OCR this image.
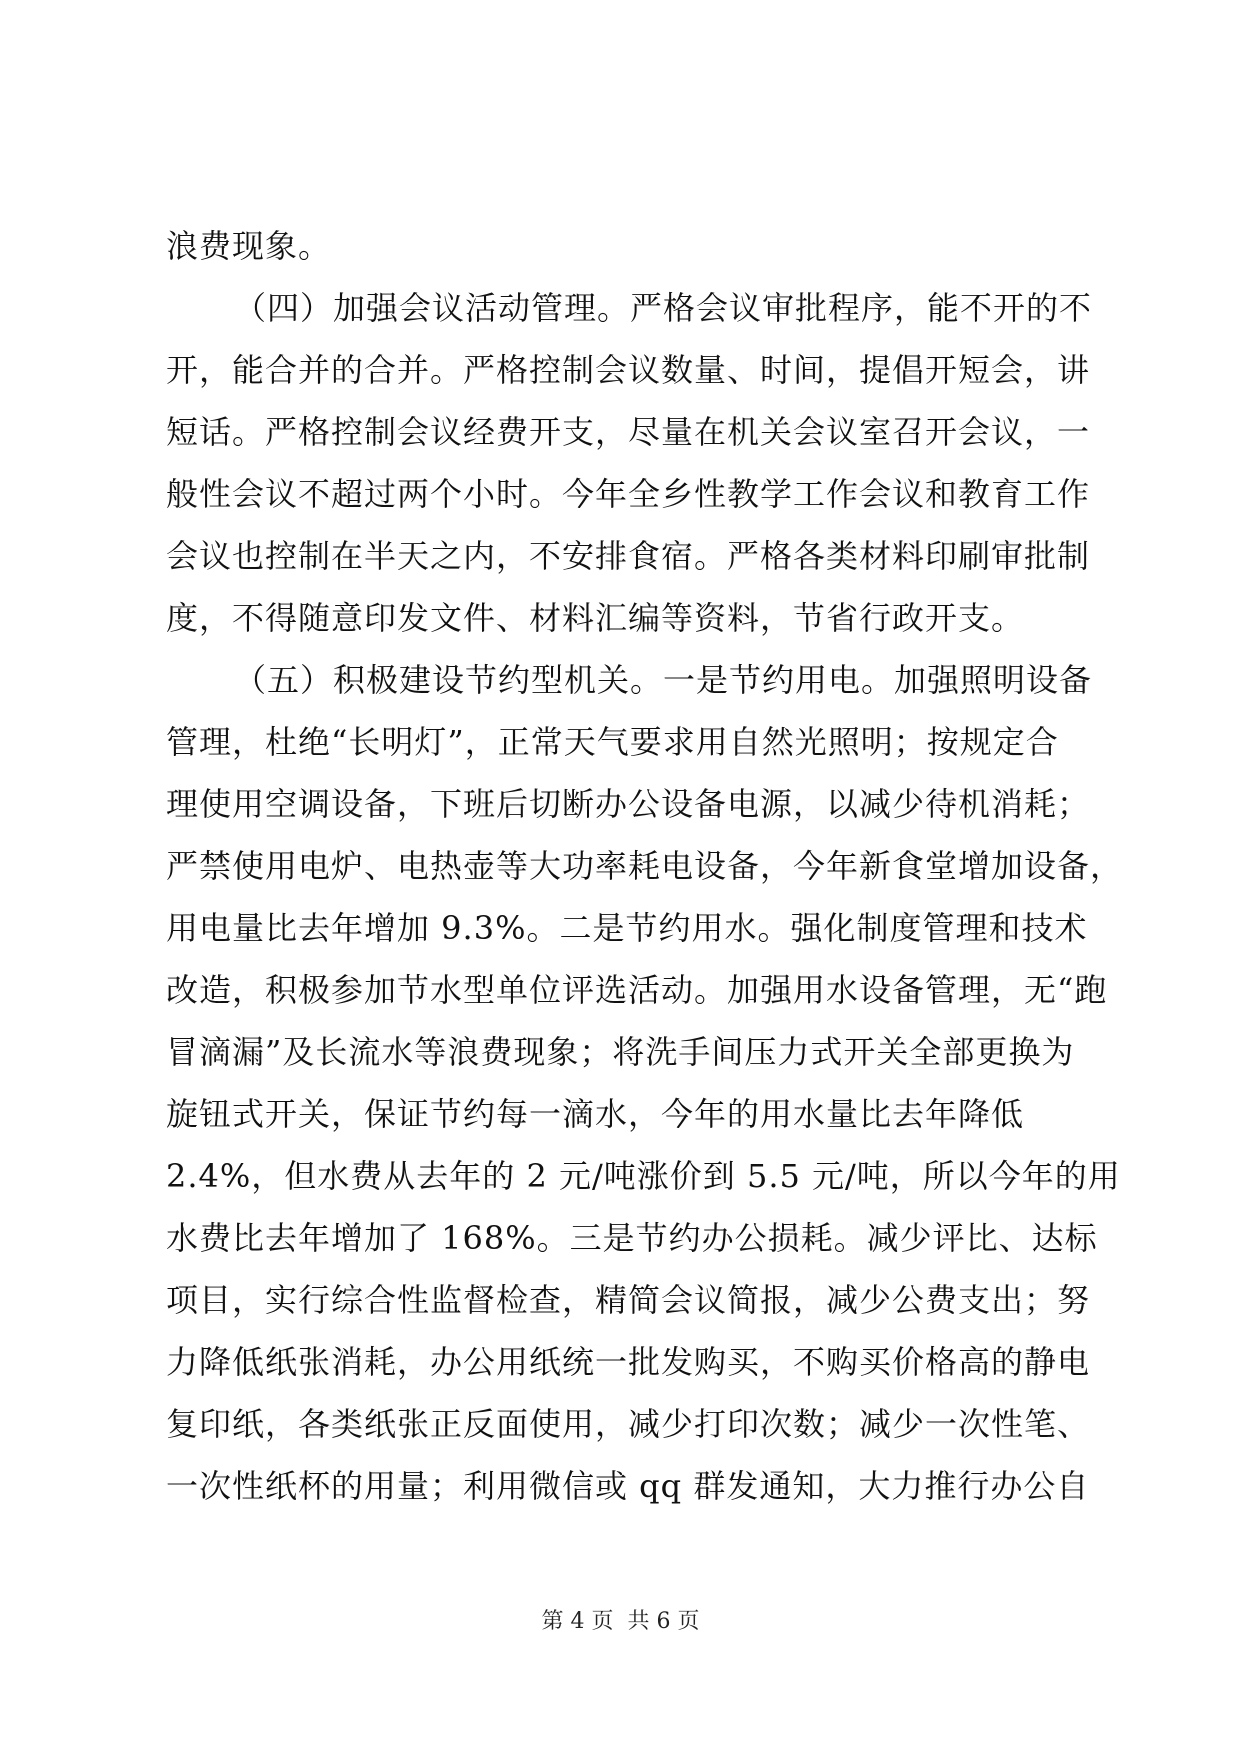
浪费现象。
（四）加强会议活动管理。严格会议审批程序，能不开的不
开，能合并的合并。严格控制会议数量、时间，提倡开短会，讲
短话。严格控制会议经费开支，尽量在机关会议室召开会议，一
般性会议不超过两个小时。今年全乡性教学工作会议和教育工作
会议也控制在半天之内，不安排食宿。严格各类材料印刷审批制
度，不得随意印发文件、材料汇编等资料，节省行政开支。
（五）积极建设节约型机关。一是节约用电。加强照明设备
管理，杜绝“长明灯”，正常天气要求用自然光照明；按规定合
理使用空调设备，下班后切断办公设备电源，以减少待机消耗；
严禁使用电炉、电热壶等大功率耗电设备，今年新食堂增加设备，
用电量比去年增加 9.3%。二是节约用水。强化制度管理和技术
改造，积极参加节水型单位评选活动。加强用水设备管理，无“跑
冒滴漏”及长流水等浪费现象；将洗手间压力式开关全部更换为
旋钮式开关，保证节约每一滴水，今年的用水量比去年降低
2.4%，但水费从去年的 2 元/吨涨价到 5.5 元/吨，所以今年的用
水费比去年增加了 168%。三是节约办公损耗。减少评比、达标
项目，实行综合性监督检查，精简会议简报，减少公费支出；努
力降低纸张消耗，办公用纸统一批发购买，不购买价格高的静电
复印纸，各类纸张正反面使用，减少打印次数；减少一次性笔、
一次性纸杯的用量；利用微信或 qq 群发通知，大力推行办公自
第 4 页  共 6 页
